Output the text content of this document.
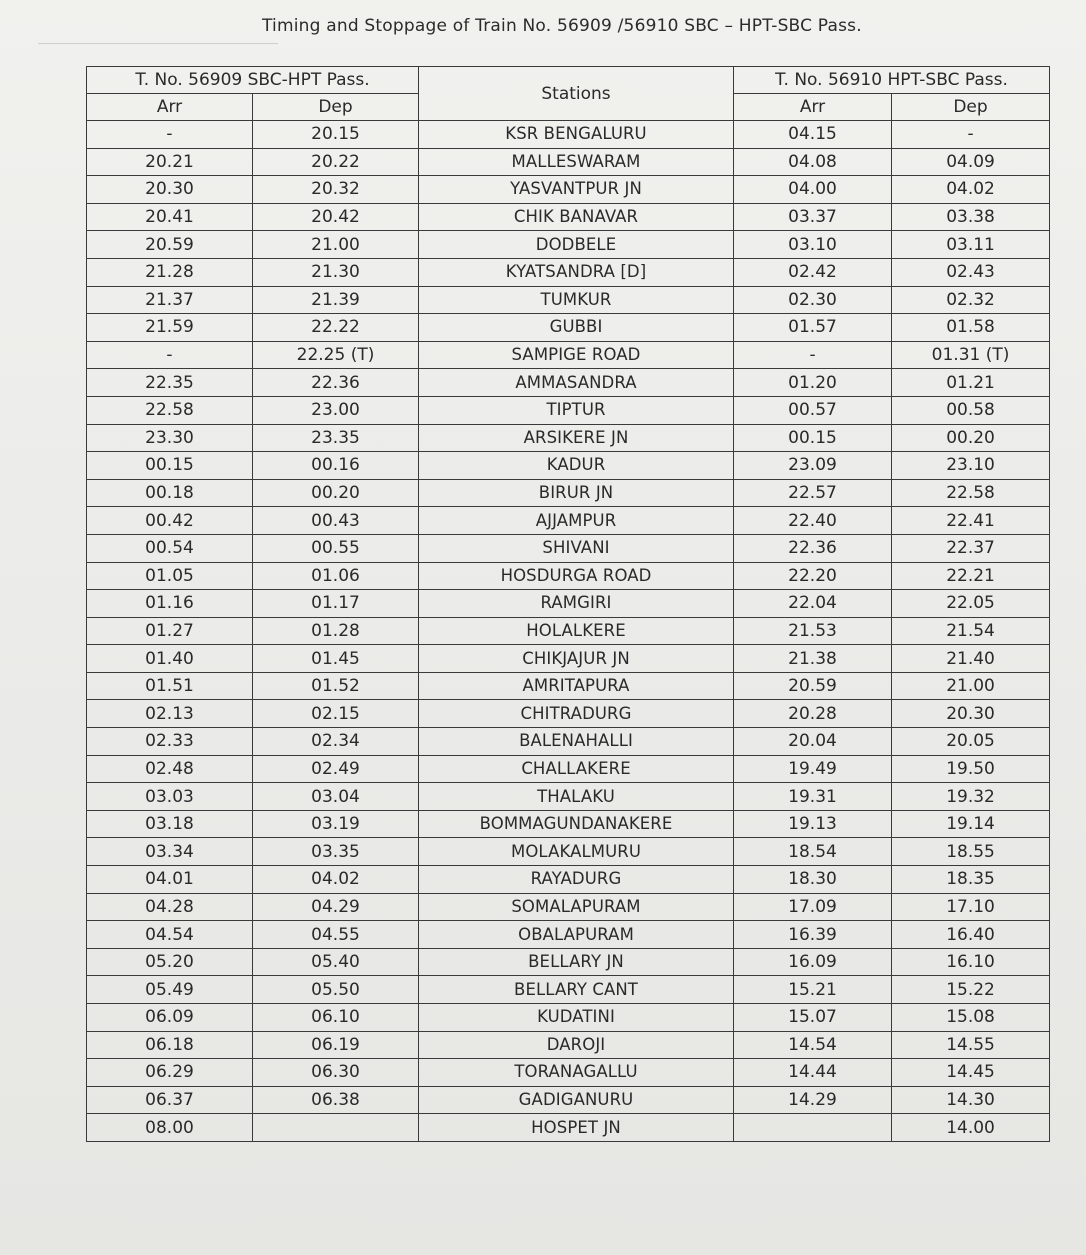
Timing and Stoppage of Train No. 56909 /56910 SBC – HPT-SBC Pass.
T. No. 56909 SBC-HPT Pass.		Stations	T. No. 56910 HPT-SBC Pass.	
Arr	Dep		Arr	Dep
-	20.15	KSR BENGALURU	04.15	-
20.21	20.22	MALLESWARAM	04.08	04.09
20.30	20.32	YASVANTPUR JN	04.00	04.02
20.41	20.42	CHIK BANAVAR	03.37	03.38
20.59	21.00	DODBELE	03.10	03.11
21.28	21.30	KYATSANDRA [D]	02.42	02.43
21.37	21.39	TUMKUR	02.30	02.32
21.59	22.22	GUBBI	01.57	01.58
-	22.25 (T)	SAMPIGE ROAD	-	01.31 (T)
22.35	22.36	AMMASANDRA	01.20	01.21
22.58	23.00	TIPTUR	00.57	00.58
23.30	23.35	ARSIKERE JN	00.15	00.20
00.15	00.16	KADUR	23.09	23.10
00.18	00.20	BIRUR JN	22.57	22.58
00.42	00.43	AJJAMPUR	22.40	22.41
00.54	00.55	SHIVANI	22.36	22.37
01.05	01.06	HOSDURGA ROAD	22.20	22.21
01.16	01.17	RAMGIRI	22.04	22.05
01.27	01.28	HOLALKERE	21.53	21.54
01.40	01.45	CHIKJAJUR JN	21.38	21.40
01.51	01.52	AMRITAPURA	20.59	21.00
02.13	02.15	CHITRADURG	20.28	20.30
02.33	02.34	BALENAHALLI	20.04	20.05
02.48	02.49	CHALLAKERE	19.49	19.50
03.03	03.04	THALAKU	19.31	19.32
03.18	03.19	BOMMAGUNDANAKERE	19.13	19.14
03.34	03.35	MOLAKALMURU	18.54	18.55
04.01	04.02	RAYADURG	18.30	18.35
04.28	04.29	SOMALAPURAM	17.09	17.10
04.54	04.55	OBALAPURAM	16.39	16.40
05.20	05.40	BELLARY JN	16.09	16.10
05.49	05.50	BELLARY CANT	15.21	15.22
06.09	06.10	KUDATINI	15.07	15.08
06.18	06.19	DAROJI	14.54	14.55
06.29	06.30	TORANAGALLU	14.44	14.45
06.37	06.38	GADIGANURU	14.29	14.30
08.00		HOSPET JN		14.00
